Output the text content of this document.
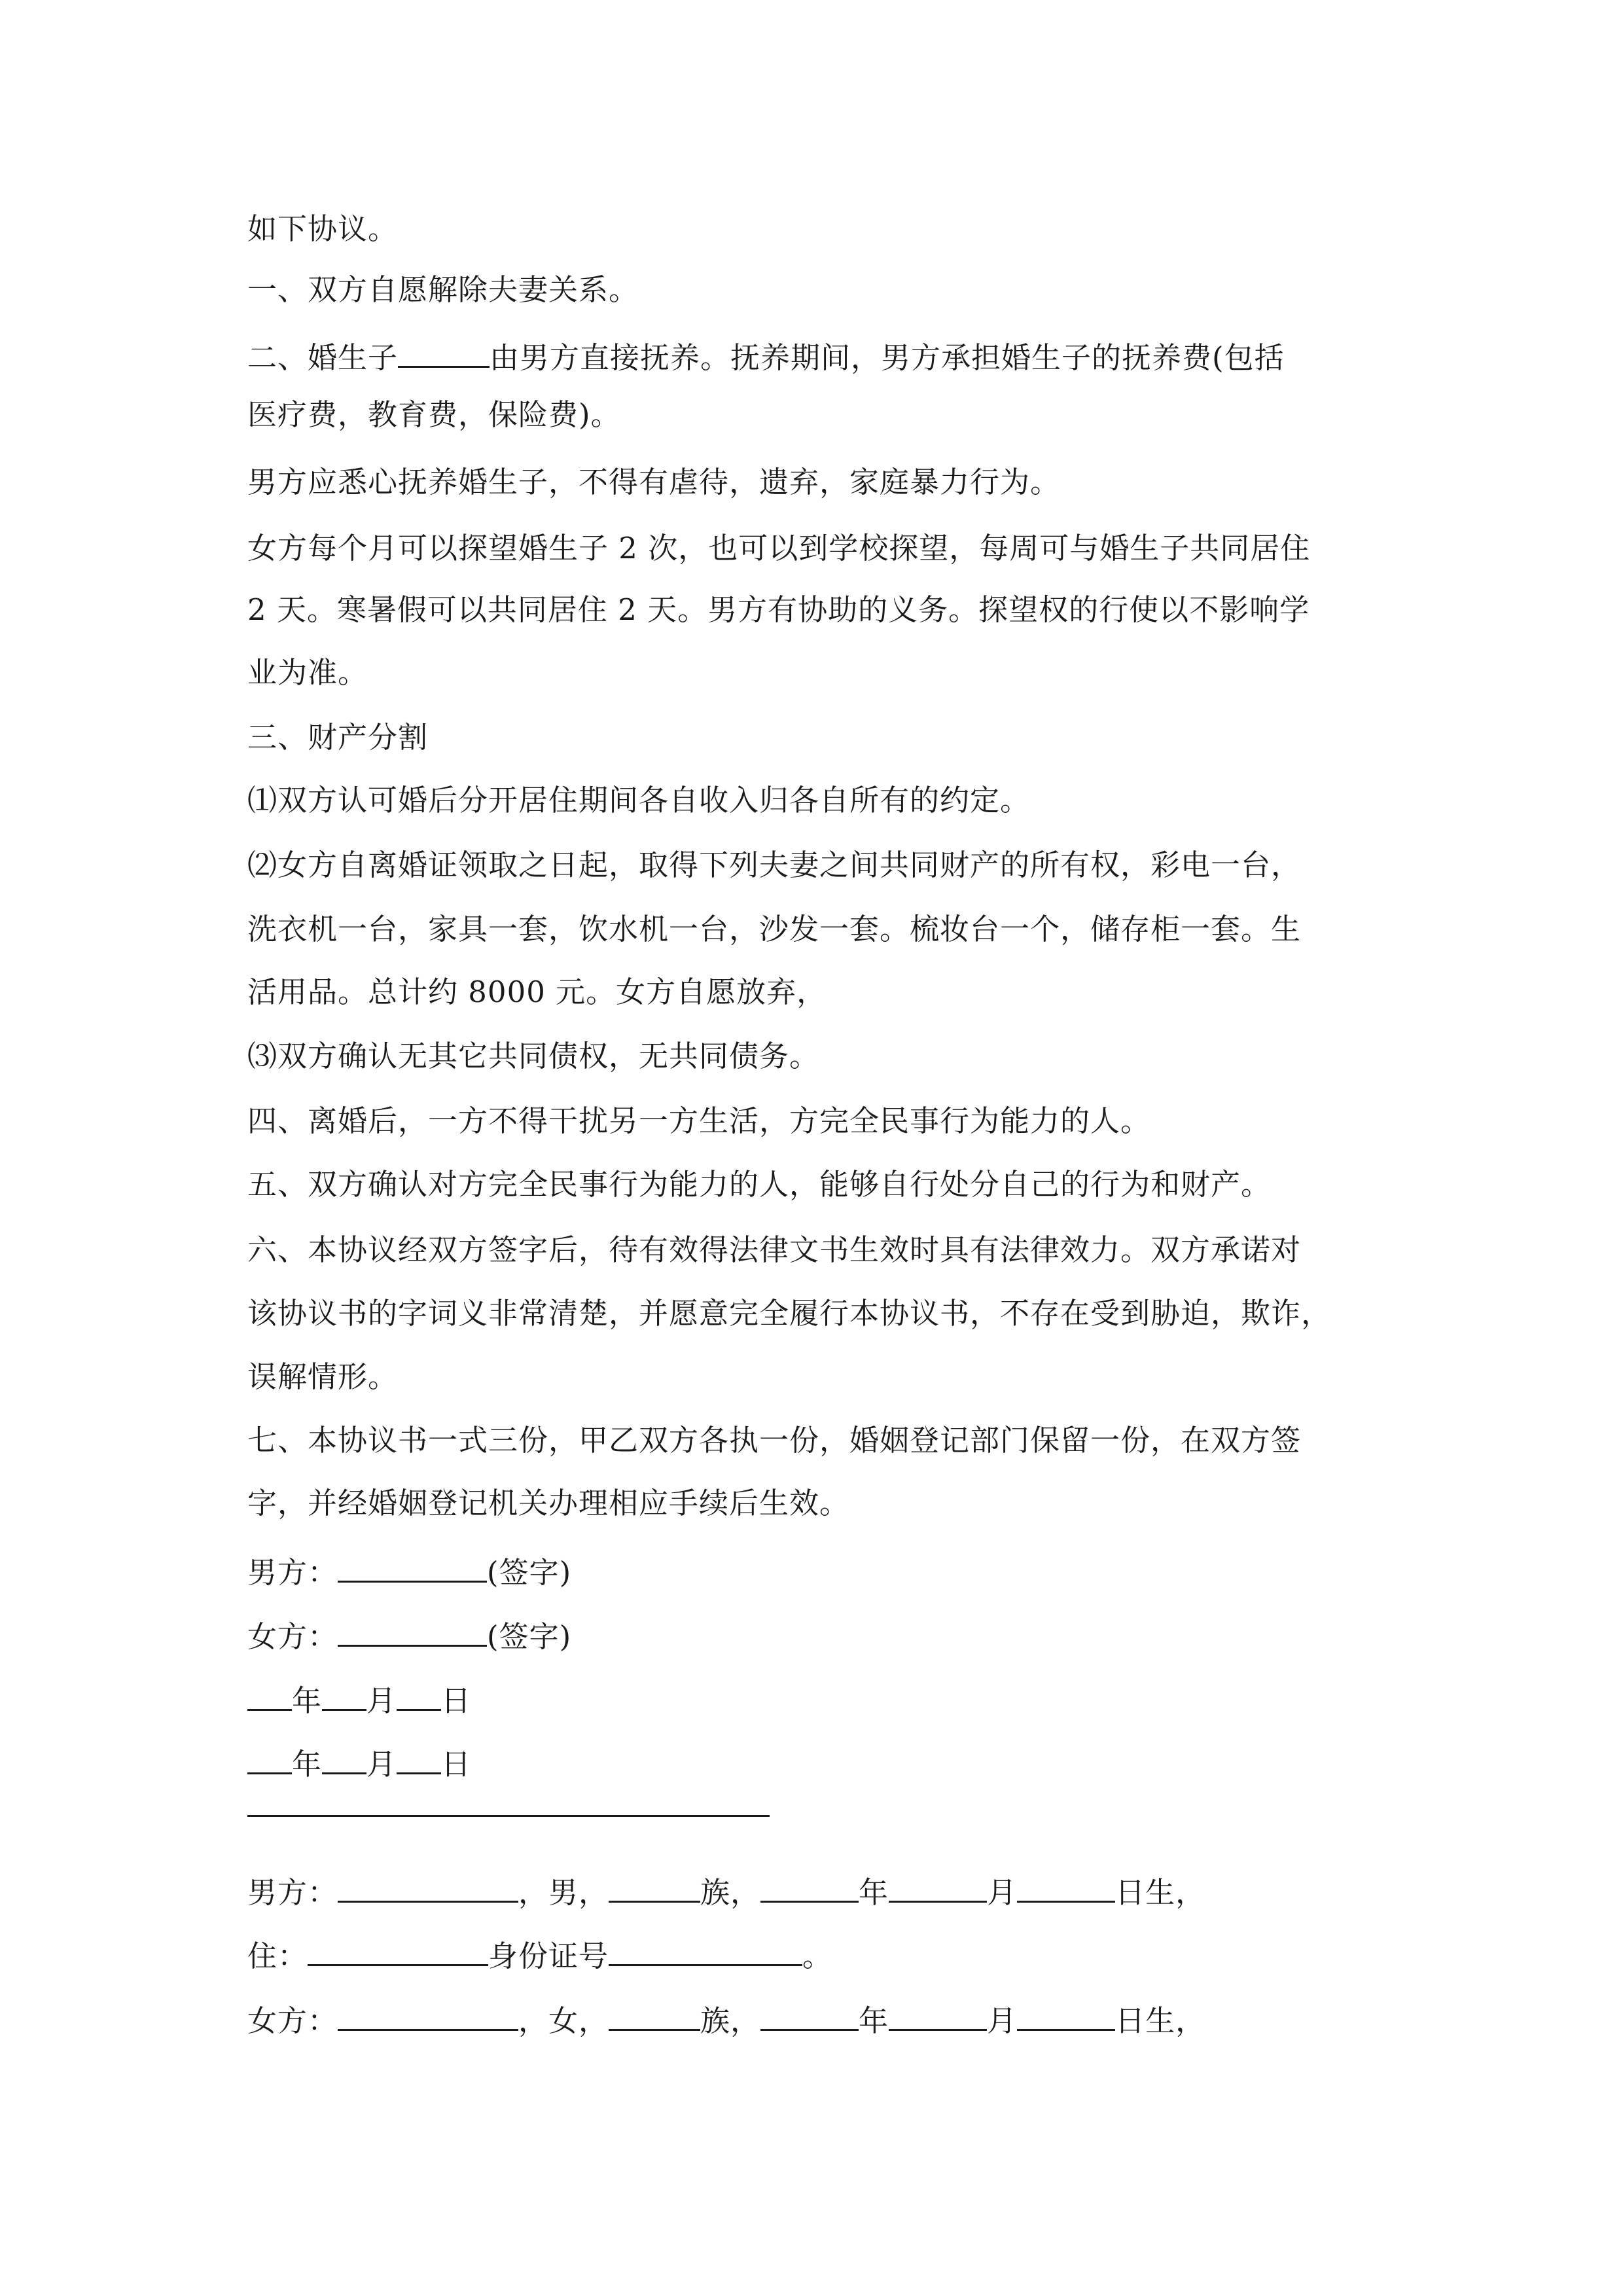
如下协议。
一、双方自愿解除夫妻关系。
二、婚生子	由男方直接抚养。抚养期间，男方承担婚生子的抚养费(包括
医疗费，教育费，保险费)。
男方应悉心抚养婚生子，不得有虐待，遗弃，家庭暴力行为。
女方每个月可以探望婚生子 2 次，也可以到学校探望，每周可与婚生子共同居住
2 天。寒暑假可以共同居住 2 天。男方有协助的义务。探望权的行使以不影响学
业为准。
三、财产分割
⑴双方认可婚后分开居住期间各自收入归各自所有的约定。
⑵女方自离婚证领取之日起，取得下列夫妻之间共同财产的所有权，彩电一台，
洗衣机一台，家具一套，饮水机一台，沙发一套。梳妆台一个，储存柜一套。生
活用品。总计约 8000 元。女方自愿放弃，
⑶双方确认无其它共同债权，无共同债务。
四、离婚后，一方不得干扰另一方生活，方完全民事行为能力的人。
五、双方确认对方完全民事行为能力的人，能够自行处分自己的行为和财产。
六、本协议经双方签字后，待有效得法律文书生效时具有法律效力。双方承诺对
该协议书的字词义非常清楚，并愿意完全履行本协议书，不存在受到胁迫，欺诈，
误解情形。
七、本协议书一式三份，甲乙双方各执一份，婚姻登记部门保留一份，在双方签
字，并经婚姻登记机关办理相应手续后生效。
男方：	(签字)
女方：	(签字)
年 月 日
年 月 日
男方：	，男，	族，	年	月	日生，
住：	身份证号	。
女方：	，女，	族，	年	月	日生，
